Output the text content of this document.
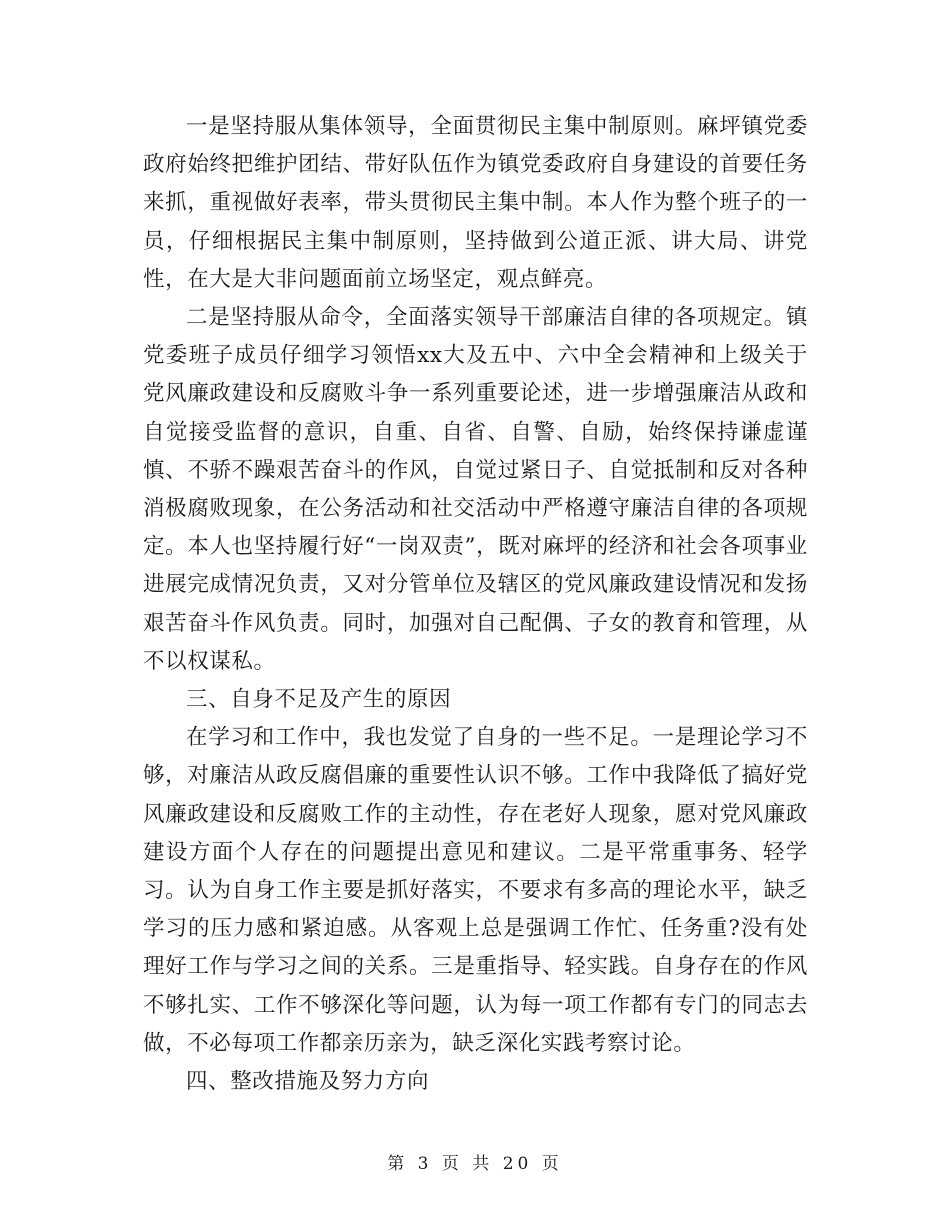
一是坚持服从集体领导，全面贯彻民主集中制原则。麻坪镇党委政府始终把维护团结、带好队伍作为镇党委政府自身建设的首要任务来抓，重视做好表率，带头贯彻民主集中制。本人作为整个班子的一员，仔细根据民主集中制原则，坚持做到公道正派、讲大局、讲党性，在大是大非问题面前立场坚定，观点鲜亮。

二是坚持服从命令，全面落实领导干部廉洁自律的各项规定。镇党委班子成员仔细学习领悟xx大及五中、六中全会精神和上级关于党风廉政建设和反腐败斗争一系列重要论述，进一步增强廉洁从政和自觉接受监督的意识，自重、自省、自警、自励，始终保持谦虚谨慎、不骄不躁艰苦奋斗的作风，自觉过紧日子、自觉抵制和反对各种消极腐败现象，在公务活动和社交活动中严格遵守廉洁自律的各项规定。本人也坚持履行好“一岗双责”，既对麻坪的经济和社会各项事业进展完成情况负责，又对分管单位及辖区的党风廉政建设情况和发扬艰苦奋斗作风负责。同时，加强对自己配偶、子女的教育和管理，从不以权谋私。

三、自身不足及产生的原因

在学习和工作中，我也发觉了自身的一些不足。一是理论学习不够，对廉洁从政反腐倡廉的重要性认识不够。工作中我降低了搞好党风廉政建设和反腐败工作的主动性，存在老好人现象，愿对党风廉政建设方面个人存在的问题提出意见和建议。二是平常重事务、轻学习。认为自身工作主要是抓好落实，不要求有多高的理论水平，缺乏学习的压力感和紧迫感。从客观上总是强调工作忙、任务重?没有处理好工作与学习之间的关系。三是重指导、轻实践。自身存在的作风不够扎实、工作不够深化等问题，认为每一项工作都有专门的同志去做，不必每项工作都亲历亲为，缺乏深化实践考察讨论。

四、整改措施及努力方向

第 3 页 共 20 页
